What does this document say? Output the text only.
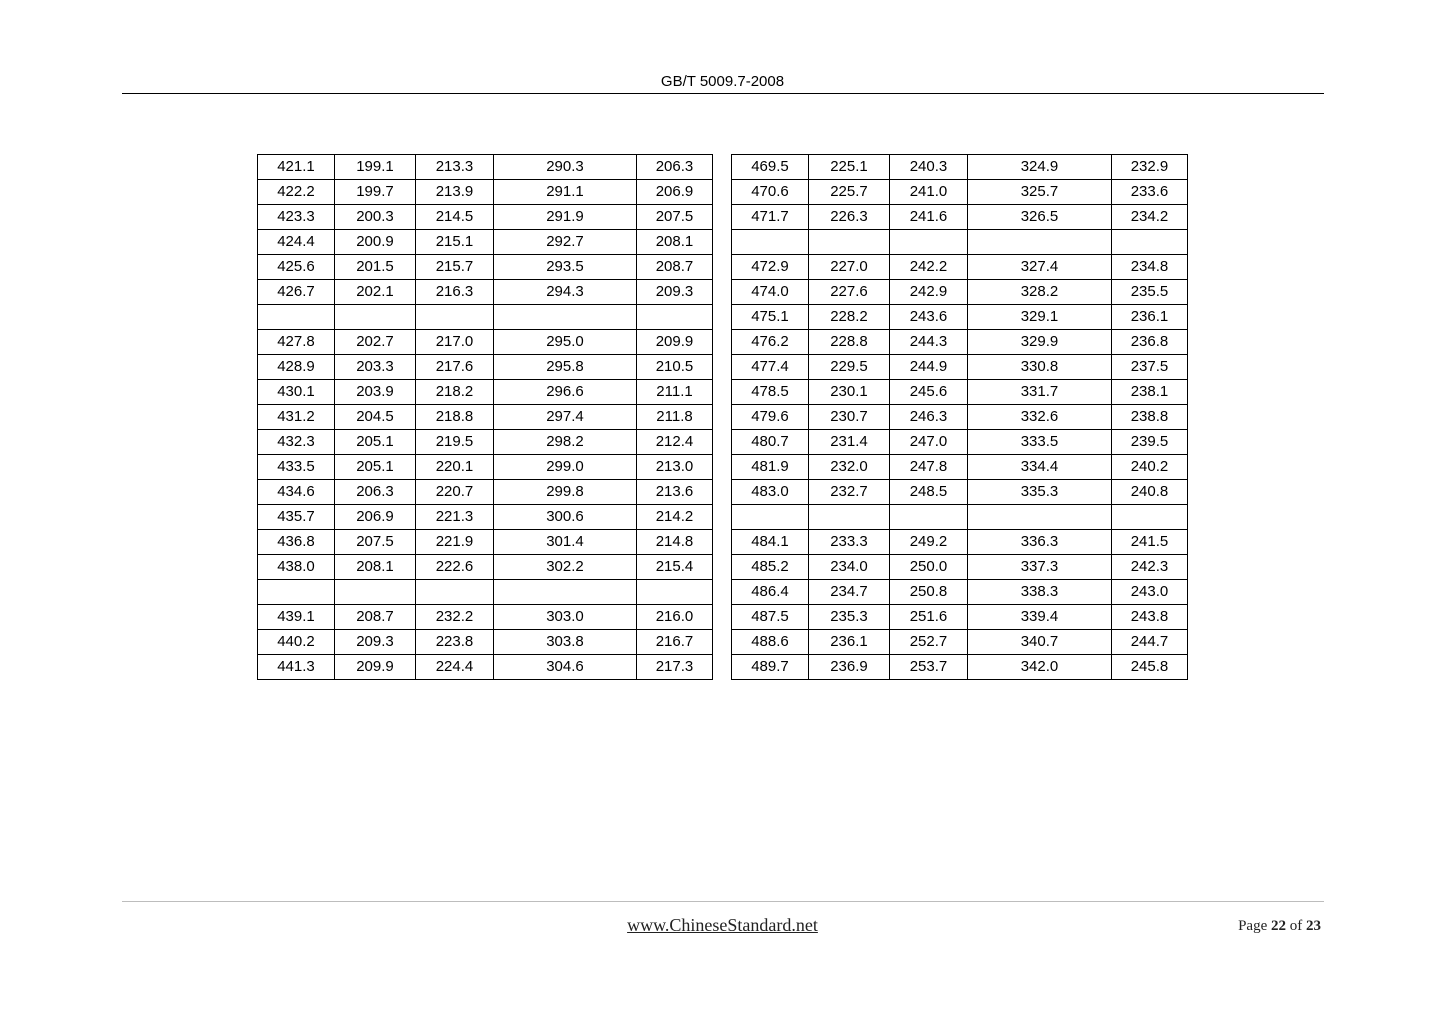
GB/T 5009.7-2008
421.1	199.1	213.3	290.3	206.3		469.5	225.1	240.3	324.9	232.9
422.2	199.7	213.9	291.1	206.9		470.6	225.7	241.0	325.7	233.6
423.3	200.3	214.5	291.9	207.5		471.7	226.3	241.6	326.5	234.2
424.4	200.9	215.1	292.7	208.1						
425.6	201.5	215.7	293.5	208.7		472.9	227.0	242.2	327.4	234.8
426.7	202.1	216.3	294.3	209.3		474.0	227.6	242.9	328.2	235.5
						475.1	228.2	243.6	329.1	236.1
427.8	202.7	217.0	295.0	209.9		476.2	228.8	244.3	329.9	236.8
428.9	203.3	217.6	295.8	210.5		477.4	229.5	244.9	330.8	237.5
430.1	203.9	218.2	296.6	211.1		478.5	230.1	245.6	331.7	238.1
431.2	204.5	218.8	297.4	211.8		479.6	230.7	246.3	332.6	238.8
432.3	205.1	219.5	298.2	212.4		480.7	231.4	247.0	333.5	239.5
433.5	205.1	220.1	299.0	213.0		481.9	232.0	247.8	334.4	240.2
434.6	206.3	220.7	299.8	213.6		483.0	232.7	248.5	335.3	240.8
435.7	206.9	221.3	300.6	214.2						
436.8	207.5	221.9	301.4	214.8		484.1	233.3	249.2	336.3	241.5
438.0	208.1	222.6	302.2	215.4		485.2	234.0	250.0	337.3	242.3
						486.4	234.7	250.8	338.3	243.0
439.1	208.7	232.2	303.0	216.0		487.5	235.3	251.6	339.4	243.8
440.2	209.3	223.8	303.8	216.7		488.6	236.1	252.7	340.7	244.7
441.3	209.9	224.4	304.6	217.3		489.7	236.9	253.7	342.0	245.8
www.ChineseStandard.net	Page 22 of 23
